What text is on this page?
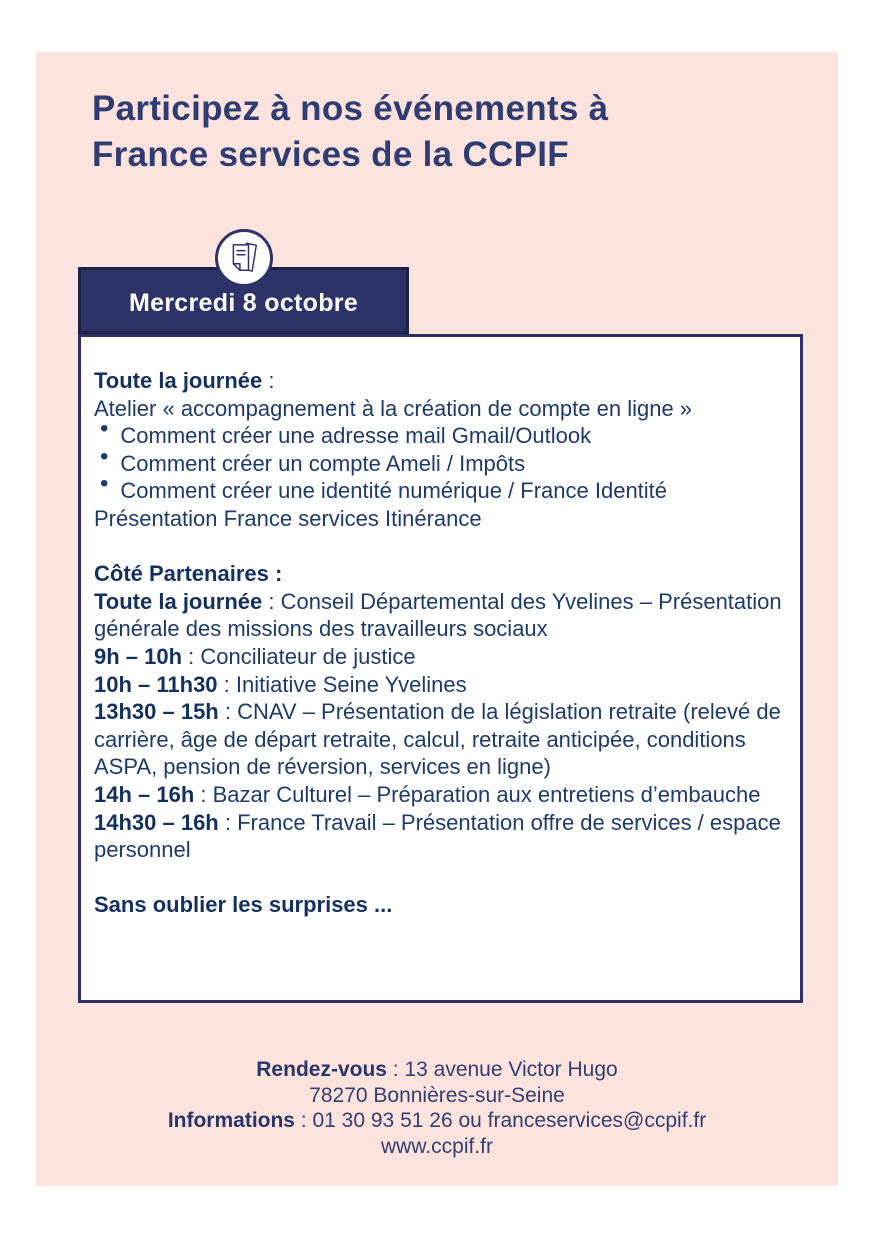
Participez à nos événements à
France services de la CCPIF
Mercredi 8 octobre

Toute la journée :

Atelier « accompagnement à la création de compte en ligne »

• Comment créer une adresse mail Gmail/Outlook

• Comment créer un compte Ameli / Impôts

• Comment créer une identité numérique / France Identité

Présentation France services Itinérance

Côté Partenaires :

Toute la journée : Conseil Départemental des Yvelines – Présentation générale des missions des travailleurs sociaux

9h – 10h : Conciliateur de justice

10h – 11h30 : Initiative Seine Yvelines

13h30 – 15h : CNAV – Présentation de la législation retraite (relevé de carrière, âge de départ retraite, calcul, retraite anticipée, conditions ASPA, pension de réversion, services en ligne)

14h – 16h : Bazar Culturel – Préparation aux entretiens d’embauche

14h30 – 16h : France Travail – Présentation offre de services / espace personnel

Sans oublier les surprises ...

Rendez-vous : 13 avenue Victor Hugo
78270 Bonnières-sur-Seine
Informations : 01 30 93 51 26 ou franceservices@ccpif.fr
www.ccpif.fr
